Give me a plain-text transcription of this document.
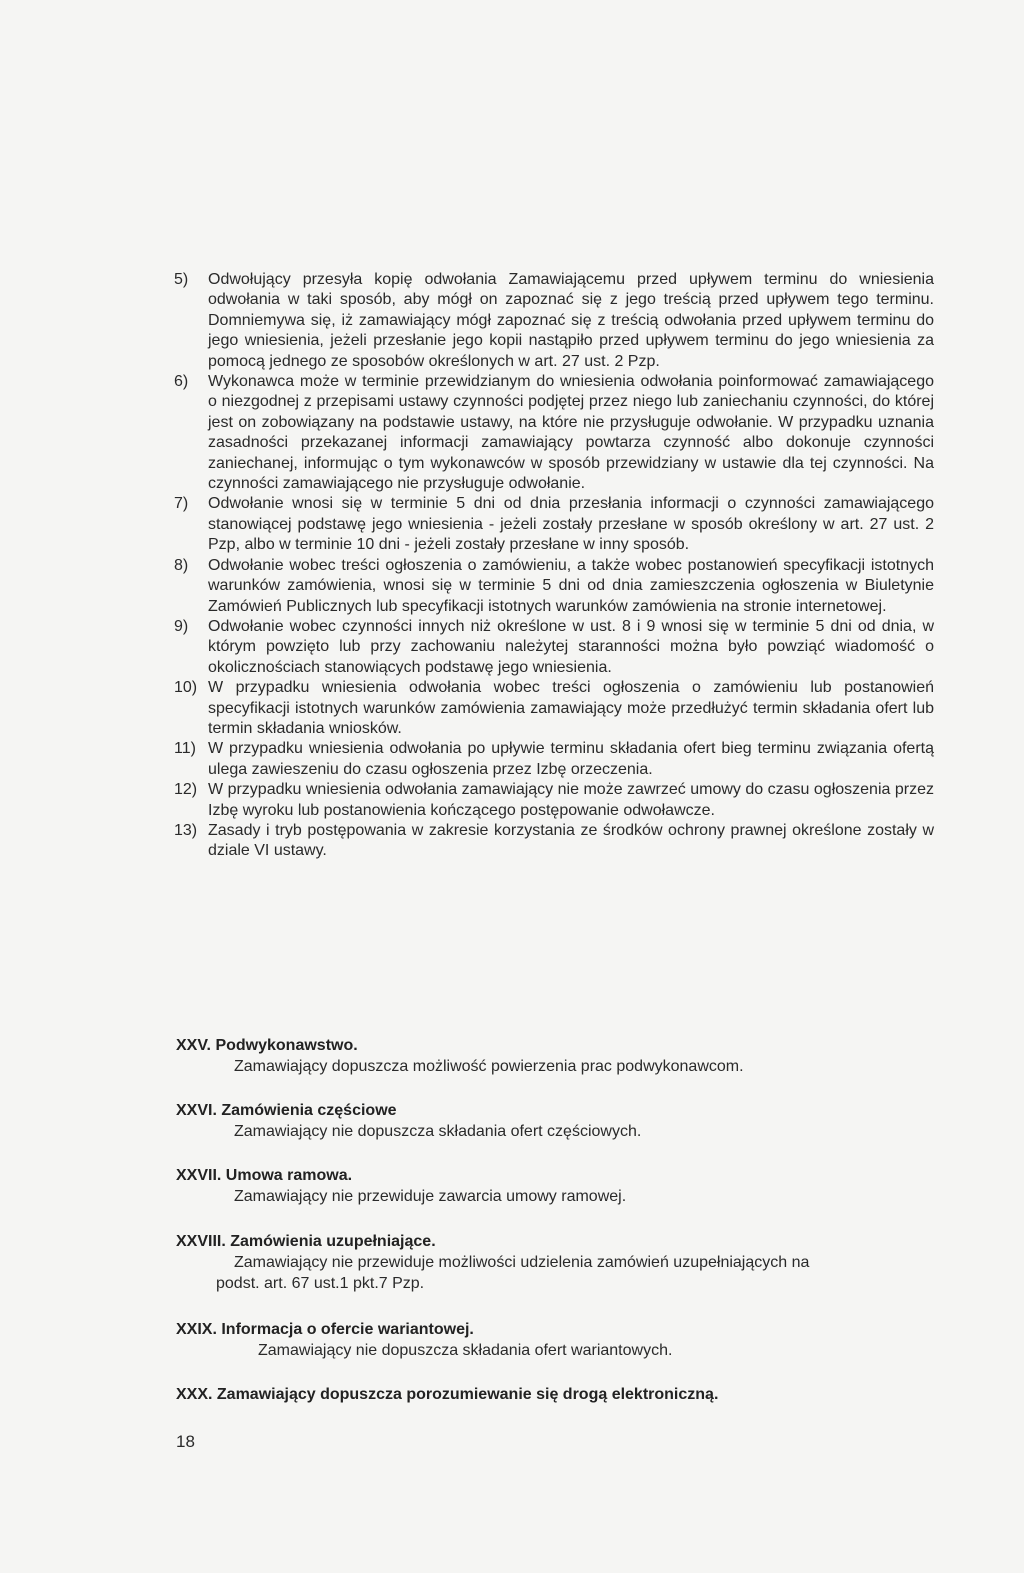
5)	Odwołujący przesyła kopię odwołania Zamawiającemu przed upływem terminu do wniesienia odwołania w taki sposób, aby mógł on zapoznać się z jego treścią przed upływem tego terminu. Domniemywa się, iż zamawiający mógł zapoznać się z treścią odwołania przed upływem terminu do jego wniesienia, jeżeli przesłanie jego kopii nastąpiło przed upływem terminu do jego wniesienia za pomocą jednego ze sposobów określonych w art. 27 ust. 2 Pzp.
6)	Wykonawca może w terminie przewidzianym do wniesienia odwołania poinformować zamawiającego o niezgodnej z przepisami ustawy czynności podjętej przez niego lub zaniechaniu czynności, do której jest on zobowiązany na podstawie ustawy, na które nie przysługuje odwołanie. W przypadku uznania zasadności przekazanej informacji zamawiający powtarza czynność albo dokonuje czynności zaniechanej, informując o tym wykonawców w sposób przewidziany w ustawie dla tej czynności. Na czynności zamawiającego nie przysługuje odwołanie.
7)	Odwołanie wnosi się w terminie 5 dni od dnia przesłania informacji o czynności zamawiającego stanowiącej podstawę jego wniesienia - jeżeli zostały przesłane w sposób określony w art. 27 ust. 2 Pzp, albo w terminie 10 dni - jeżeli zostały przesłane w inny sposób.
8)	Odwołanie wobec treści ogłoszenia o zamówieniu, a także wobec postanowień specyfikacji istotnych warunków zamówienia, wnosi się w terminie 5 dni od dnia zamieszczenia ogłoszenia w Biuletynie Zamówień Publicznych lub specyfikacji istotnych warunków zamówienia na stronie internetowej.
9)	Odwołanie wobec czynności innych niż określone w ust. 8 i 9 wnosi się w terminie 5 dni od dnia, w którym powzięto lub przy zachowaniu należytej staranności można było powziąć wiadomość o okolicznościach stanowiących podstawę jego wniesienia.
10) W przypadku wniesienia odwołania wobec treści ogłoszenia o zamówieniu lub postanowień specyfikacji istotnych warunków zamówienia zamawiający może przedłużyć termin składania ofert lub termin składania wniosków.
11) W przypadku wniesienia odwołania po upływie terminu składania ofert bieg terminu związania ofertą ulega zawieszeniu do czasu ogłoszenia przez Izbę orzeczenia.
12) W przypadku wniesienia odwołania zamawiający nie może zawrzeć umowy do czasu ogłoszenia przez Izbę wyroku lub postanowienia kończącego postępowanie odwoławcze.
13) Zasady i tryb postępowania w zakresie korzystania ze środków ochrony prawnej określone zostały w dziale VI ustawy.
XXV. Podwykonawstwo.
Zamawiający dopuszcza możliwość powierzenia prac podwykonawcom.
XXVI. Zamówienia częściowe
Zamawiający nie dopuszcza składania ofert częściowych.
XXVII. Umowa ramowa.
Zamawiający nie przewiduje zawarcia umowy ramowej.
XXVIII. Zamówienia uzupełniające.
Zamawiający nie przewiduje możliwości udzielenia zamówień uzupełniających na
podst. art. 67 ust.1 pkt.7 Pzp.
XXIX. Informacja o ofercie wariantowej.
Zamawiający nie dopuszcza składania ofert wariantowych.
XXX. Zamawiający dopuszcza porozumiewanie się drogą elektroniczną.
18
